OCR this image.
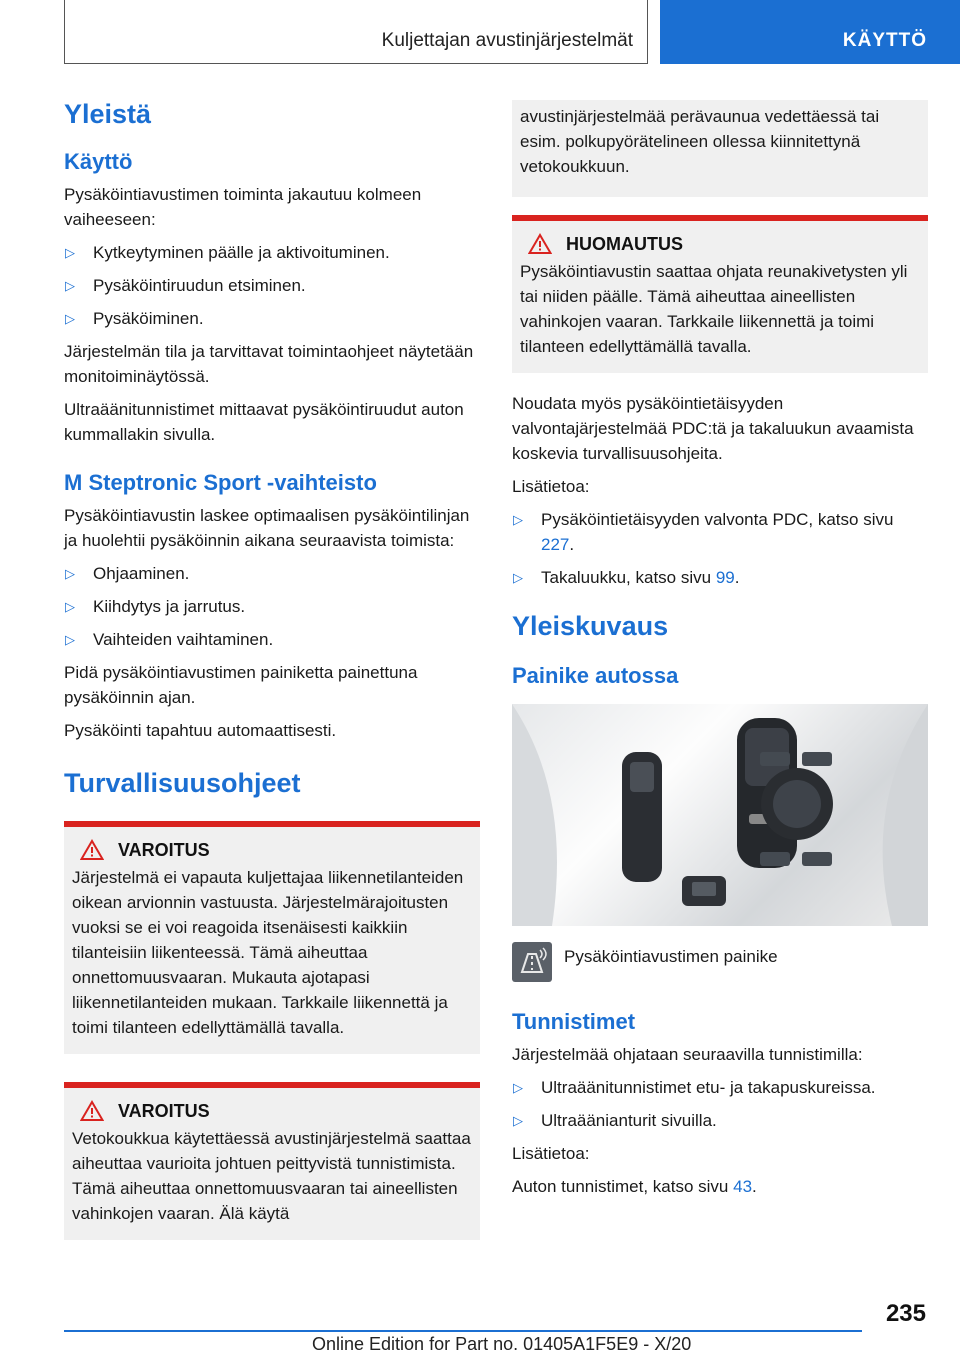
Kuljettajan avustinjärjestelmät	KÄYTTÖ
Yleistä
Käyttö

Pysäköintiavustimen toiminta jakautuu kolmeen vaiheeseen:

▷ Kytkeytyminen päälle ja aktivoituminen.
▷ Pysäköintiruudun etsiminen.
▷ Pysäköiminen.

Järjestelmän tila ja tarvittavat toimintaohjeet näytetään monitoiminäytössä.

Ultraäänitunnistimet mittaavat pysäköintiruudut auton kummallakin sivulla.

M Steptronic Sport -vaihteisto

Pysäköintiavustin laskee optimaalisen pysäköintilinjan ja huolehtii pysäköinnin aikana seuraavista toimista:

▷ Ohjaaminen.
▷ Kiihdytys ja jarrutus.
▷ Vaihteiden vaihtaminen.

Pidä pysäköintiavustimen painiketta painettuna pysäköinnin ajan.

Pysäköinti tapahtuu automaattisesti.

Turvallisuusohjeet
VAROITUS

Järjestelmä ei vapauta kuljettajaa liikennetilanteiden oikean arvionnin vastuusta. Järjestelmärajoitusten vuoksi se ei voi reagoida itsenäisesti kaikkiin tilanteisiin liikenteessä. Tämä aiheuttaa onnettomuusvaaran. Mukauta ajotapasi liikennetilanteiden mukaan. Tarkkaile liikennettä ja toimi tilanteen edellyttämällä tavalla.

VAROITUS

Vetokoukkua käytettäessä avustinjärjestelmä saattaa aiheuttaa vaurioita johtuen peittyvistä tunnistimista. Tämä aiheuttaa onnettomuusvaaran tai aineellisten vahinkojen vaaran. Älä käytä

avustinjärjestelmää perävaunua vedettäessä tai esim. polkupyörätelineen ollessa kiinnitettynä vetokoukkuun.

HUOMAUTUS

Pysäköintiavustin saattaa ohjata reunakivetysten yli tai niiden päälle. Tämä aiheuttaa aineellisten vahinkojen vaaran. Tarkkaile liikennettä ja toimi tilanteen edellyttämällä tavalla.

Noudata myös pysäköintietäisyyden valvontajärjestelmää PDC:tä ja takaluukun avaamista koskevia turvallisuusohjeita.

Lisätietoa:

▷ Pysäköintietäisyyden valvonta PDC, katso sivu 227.
▷ Takaluukku, katso sivu 99.
Yleiskuvaus
Painike autossa

Pysäköintiavustimen painike

Tunnistimet

Järjestelmää ohjataan seuraavilla tunnistimilla:

▷ Ultraäänitunnistimet etu- ja takapuskureissa.
▷ Ultraäänianturit sivuilla.

Lisätietoa:

Auton tunnistimet, katso sivu 43.

235
Online Edition for Part no. 01405A1F5E9 - X/20
